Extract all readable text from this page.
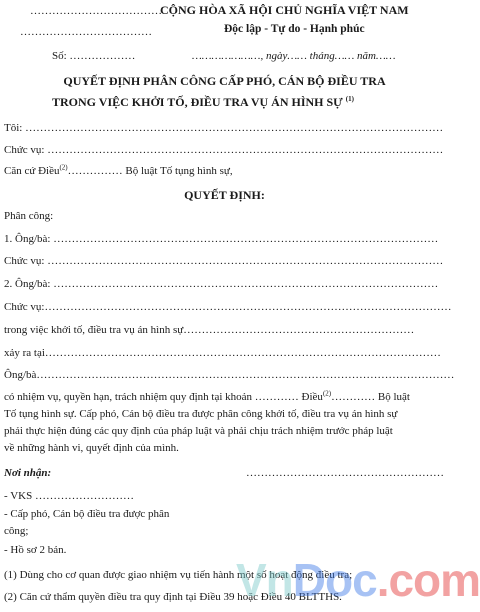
………………………………
………………………………
Số: ………………
CỘNG HÒA XÃ HỘI CHỦ NGHĨA VIỆT NAM
Độc lập - Tự do - Hạnh phúc
…………………, ngày…… tháng…… năm……
QUYẾT ĐỊNH PHÂN CÔNG CẤP PHÓ, CÁN BỘ ĐIỀU TRA
TRONG VIỆC KHỞI TỐ, ĐIỀU TRA VỤ ÁN HÌNH SỰ $^{(1)}$
Tôi: ……………………………………………………………………………………………………
Chức vụ: ………………………………………………………………………………………………
Căn cứ Điều$^{(2)}$…………… Bộ luật Tố tụng hình sự,
QUYẾT ĐỊNH:
Phân công:
1. Ông/bà: ……………………………………………………………………………………………
Chức vụ: ………………………………………………………………………………………………
2. Ông/bà: ……………………………………………………………………………………………
Chức vụ:…………………………………………………………………………………………………
trong việc khởi tố, điều tra vụ án hình sự………………………………………………………
xảy ra tại………………………………………………………………………………………………
Ông/bà……………………………………………………………………………………………………
có nhiệm vụ, quyền hạn, trách nhiệm quy định tại khoản ………… Điều$^{(2)}$………… Bộ luật
Tố tụng hình sự. Cấp phó, Cán bộ điều tra được phân công khởi tố, điều tra vụ án hình sự
phải thực hiện đúng các quy định của pháp luật và phải chịu trách nhiệm trước pháp luật
về những hành vi, quyết định của mình.
Nơi nhận:	………………………………………………
- VKS ………………………
- Cấp phó, Cán bộ điều tra được phân
công;
- Hồ sơ 2 bản.
(1) Dùng cho cơ quan được giao nhiệm vụ tiến hành một số hoạt động điều tra;
(2) Căn cứ thẩm quyền điều tra quy định tại Điều 39 hoặc Điều 40 BLTTHS.
VnDoc.com
